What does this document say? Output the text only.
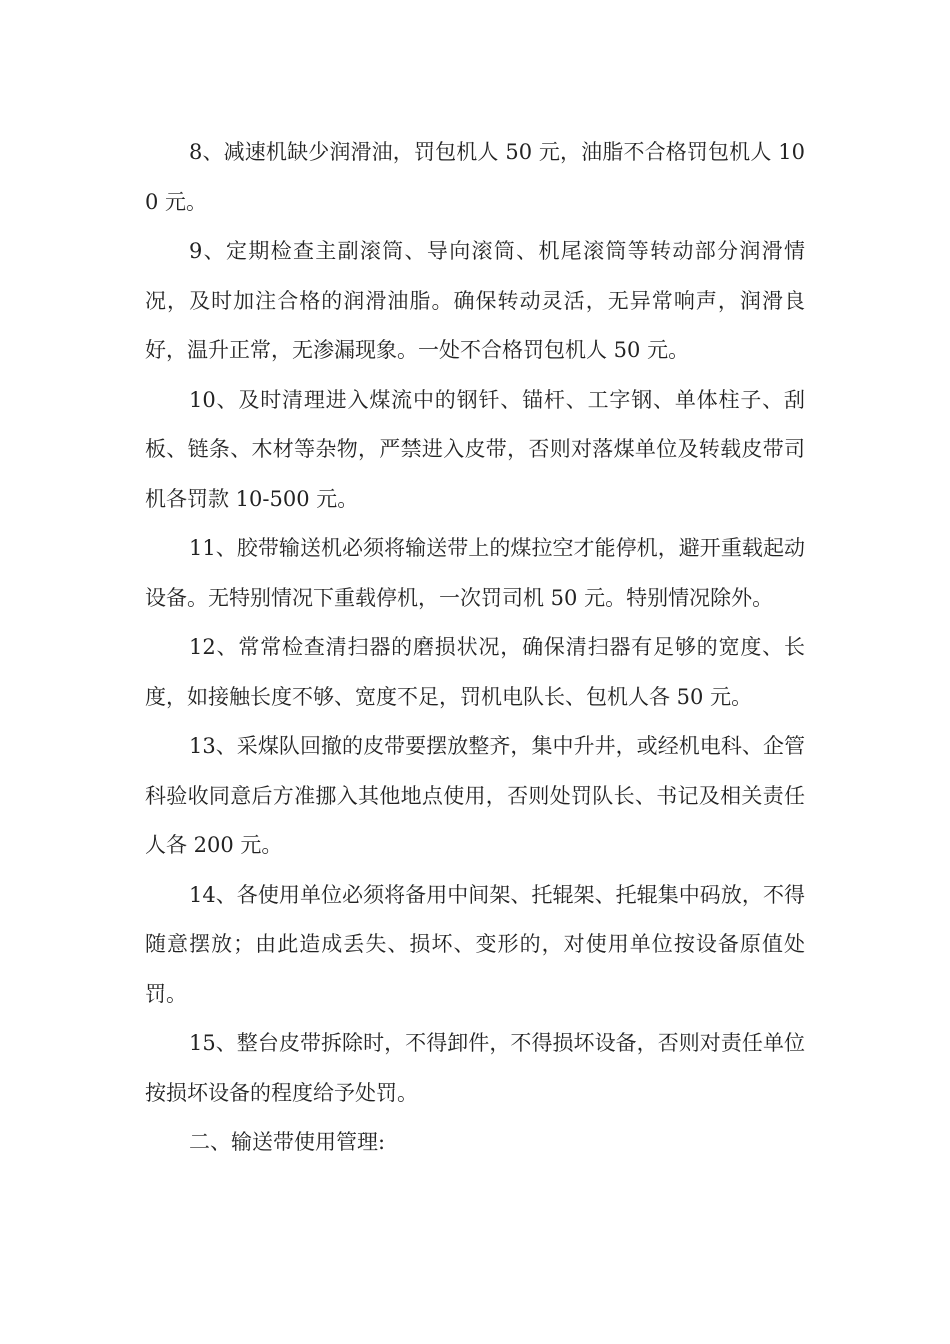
8、减速机缺少润滑油，罚包机人 50 元，油脂不合格罚包机人 100 元。

9、定期检查主副滚筒、导向滚筒、机尾滚筒等转动部分润滑情况，及时加注合格的润滑油脂。确保转动灵活，无异常响声，润滑良好，温升正常，无渗漏现象。一处不合格罚包机人 50 元。

10、及时清理进入煤流中的钢钎、锚杆、工字钢、单体柱子、刮板、链条、木材等杂物，严禁进入皮带，否则对落煤单位及转载皮带司机各罚款 10-500 元。

11、胶带输送机必须将输送带上的煤拉空才能停机，避开重载起动设备。无特别情况下重载停机，一次罚司机 50 元。特别情况除外。

12、常常检查清扫器的磨损状况，确保清扫器有足够的宽度、长度，如接触长度不够、宽度不足，罚机电队长、包机人各 50 元。

13、采煤队回撤的皮带要摆放整齐，集中升井，或经机电科、企管科验收同意后方准挪入其他地点使用，否则处罚队长、书记及相关责任人各 200 元。

14、各使用单位必须将备用中间架、托辊架、托辊集中码放，不得随意摆放；由此造成丢失、损坏、变形的，对使用单位按设备原值处罚。

15、整台皮带拆除时，不得卸件，不得损坏设备，否则对责任单位按损坏设备的程度给予处罚。

二、输送带使用管理:
